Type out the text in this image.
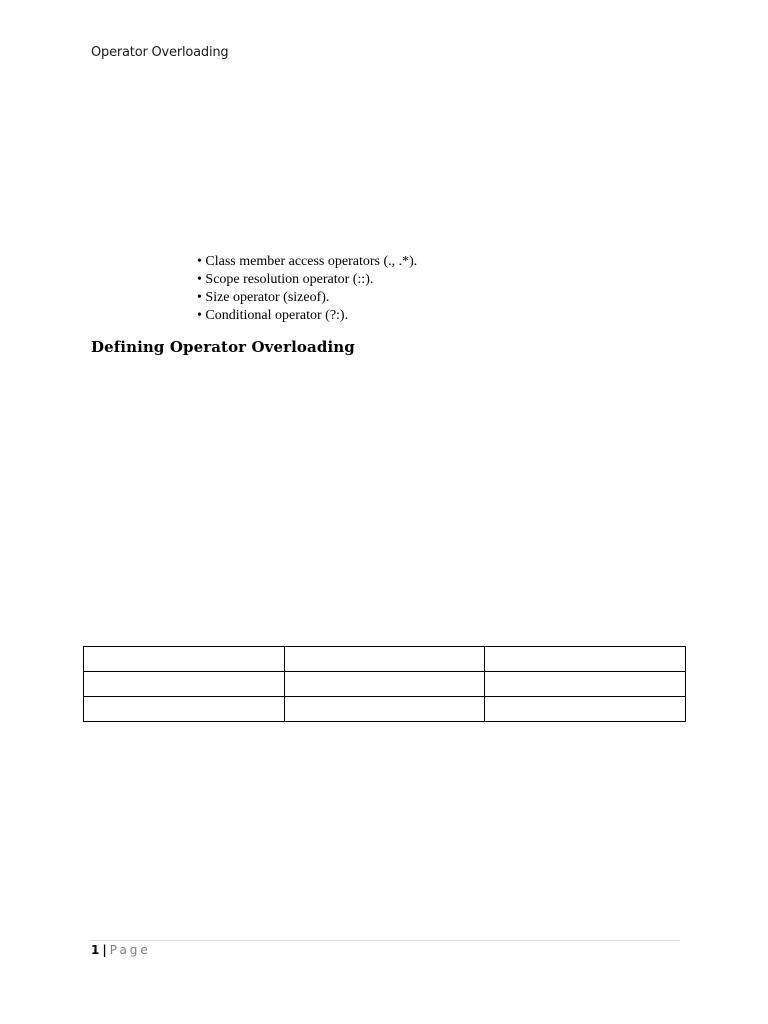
Operator Overloading
• Class member access operators (., .*).
• Scope resolution operator (::).
• Size operator (sizeof).
• Conditional operator (?:).
Defining Operator Overloading

1 | Page
